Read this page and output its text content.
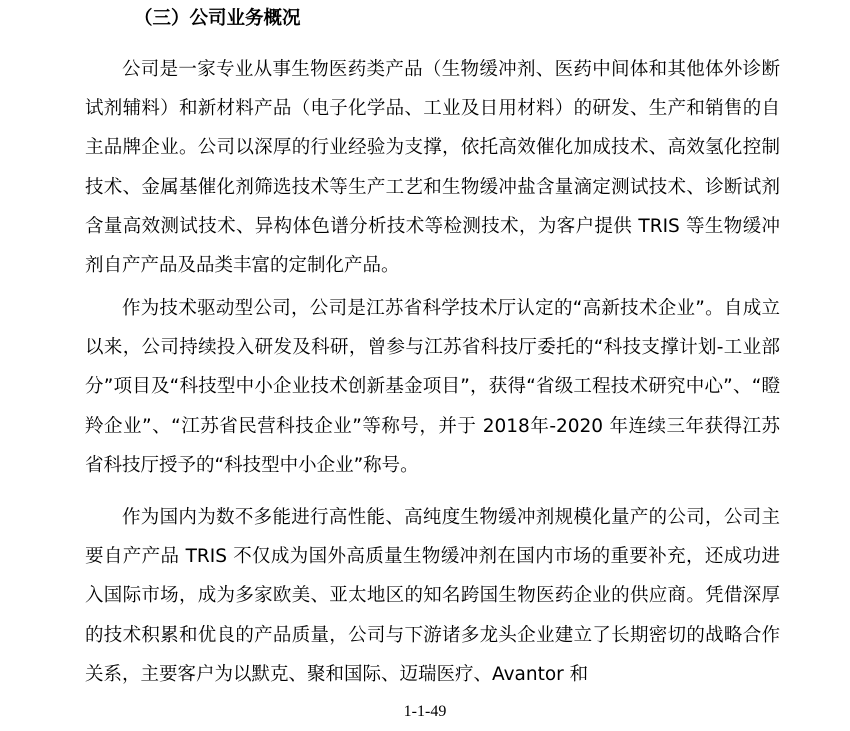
（三）公司业务概况

公司是一家专业从事生物医药类产品（生物缓冲剂、医药中间体和其他体外诊断试剂辅料）和新材料产品（电子化学品、工业及日用材料）的研发、生产和销售的自主品牌企业。公司以深厚的行业经验为支撑，依托高效催化加成技术、高效氢化控制技术、金属基催化剂筛选技术等生产工艺和生物缓冲盐含量滴定测试技术、诊断试剂含量高效测试技术、异构体色谱分析技术等检测技术，为客户提供 TRIS 等生物缓冲剂自产产品及品类丰富的定制化产品。

作为技术驱动型公司，公司是江苏省科学技术厅认定的“高新技术企业”。自成立以来，公司持续投入研发及科研，曾参与江苏省科技厅委托的“科技支撑计划-工业部分”项目及“科技型中小企业技术创新基金项目”，获得“省级工程技术研究中心”、“瞪羚企业”、“江苏省民营科技企业”等称号，并于 2018年-2020 年连续三年获得江苏省科技厅授予的“科技型中小企业”称号。

作为国内为数不多能进行高性能、高纯度生物缓冲剂规模化量产的公司，公司主要自产产品 TRIS 不仅成为国外高质量生物缓冲剂在国内市场的重要补充，还成功进入国际市场，成为多家欧美、亚太地区的知名跨国生物医药企业的供应商。凭借深厚的技术积累和优良的产品质量，公司与下游诸多龙头企业建立了长期密切的战略合作关系，主要客户为以默克、聚和国际、迈瑞医疗、Avantor 和

1-1-49
